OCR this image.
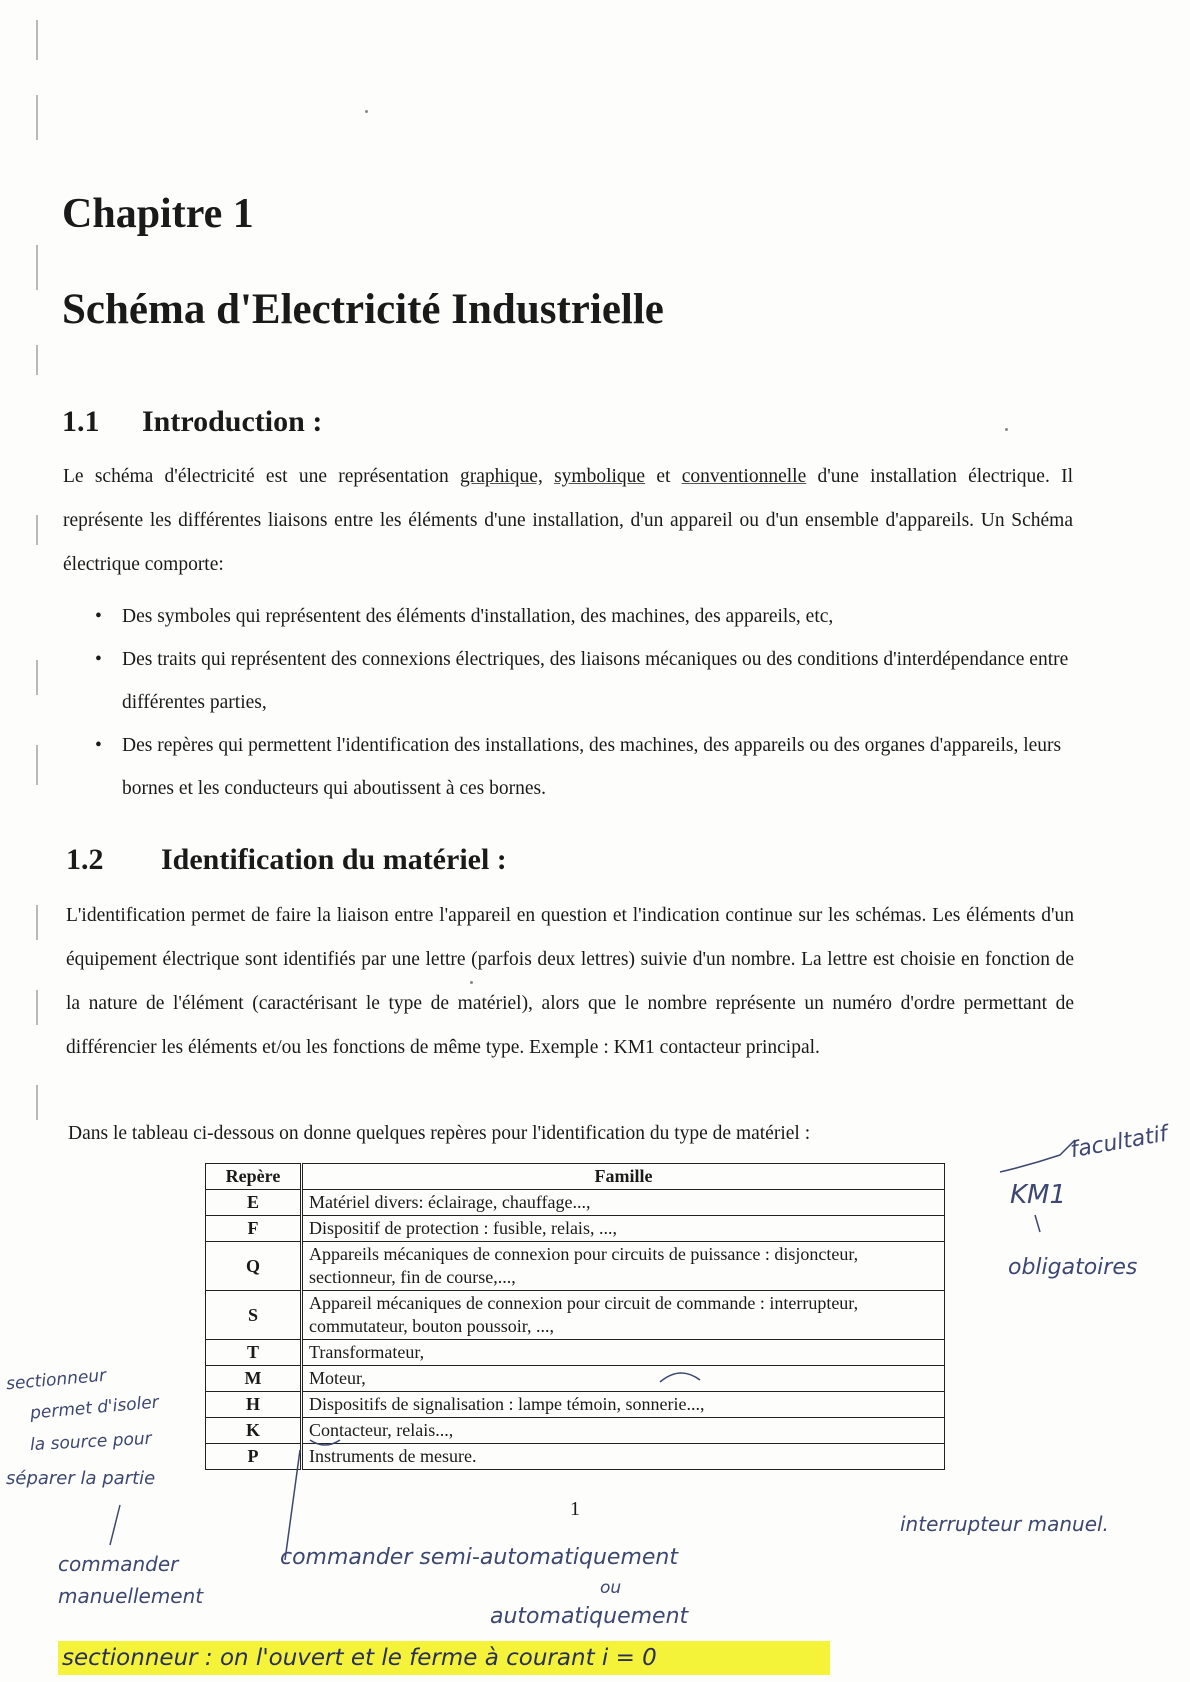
Chapitre 1
Schéma d'Electricité Industrielle
1.1 Introduction :
Le schéma d'électricité est une représentation graphique, symbolique et conventionnelle d'une installation électrique. Il représente les différentes liaisons entre les éléments d'une installation, d'un appareil ou d'un ensemble d'appareils. Un Schéma électrique comporte:
• Des symboles qui représentent des éléments d'installation, des machines, des appareils, etc,
• Des traits qui représentent des connexions électriques, des liaisons mécaniques ou des conditions d'interdépendance entre différentes parties,
• Des repères qui permettent l'identification des installations, des machines, des appareils ou des organes d'appareils, leurs bornes et les conducteurs qui aboutissent à ces bornes.
1.2 Identification du matériel :
L'identification permet de faire la liaison entre l'appareil en question et l'indication continue sur les schémas. Les éléments d'un équipement électrique sont identifiés par une lettre (parfois deux lettres) suivie d'un nombre. La lettre est choisie en fonction de la nature de l'élément (caractérisant le type de matériel), alors que le nombre représente un numéro d'ordre permettant de différencier les éléments et/ou les fonctions de même type. Exemple : KM1 contacteur principal.
Dans le tableau ci-dessous on donne quelques repères pour l'identification du type de matériel :
Repère	Famille
E	Matériel divers: éclairage, chauffage...,
F	Dispositif de protection : fusible, relais, ...,
Q	Appareils mécaniques de connexion pour circuits de puissance : disjoncteur, sectionneur, fin de course,...,
S	Appareil mécaniques de connexion pour circuit de commande : interrupteur, commutateur, bouton poussoir, ...,
T	Transformateur,
M	Moteur,
H	Dispositifs de signalisation : lampe témoin, sonnerie...,
K	Contacteur, relais...,
P	Instruments de mesure.
1
facultatif
KM1
obligatoires
sectionneur
permet d'isoler
la source pour
séparer la partie
commander
manuellement
commander semi-automatiquement
ou
automatiquement
interrupteur manuel.
sectionneur : on l'ouvert et le ferme à courant i = 0
